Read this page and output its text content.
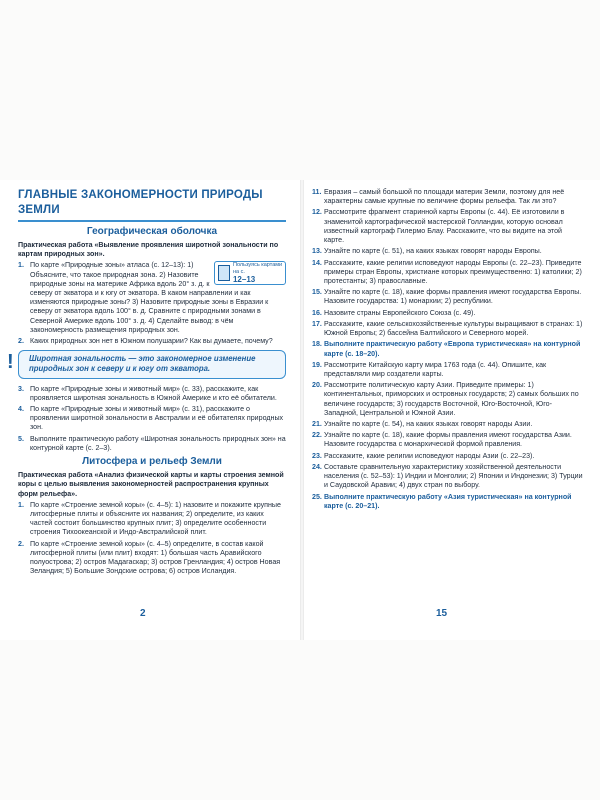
ГЛАВНЫЕ ЗАКОНОМЕРНОСТИ ПРИРОДЫ ЗЕМЛИ
Географическая оболочка

Практическая работа «Выявление проявления широтной зональности по картам природных зон».

1.	Пользуясь картами на с.
12–13
По карте «Природные зоны» атласа (с. 12–13): 1) Объясните, что такое природная зона. 2) Назовите природные зоны на материке Африка вдоль 20° з. д. к северу от экватора и к югу от экватора. В каком направлении и как изменяются природные зоны? 3) Назовите природные зоны в Евразии к северу от экватора вдоль 100° в. д. Сравните с природными зонами в Северной Америке вдоль 100° з. д. 4) Сделайте вывод: в чём закономерность размещения природных зон.
2. Каких природных зон нет в Южном полушарии? Как вы думаете, почему?
! Широтная зональность — это закономерное изменение природных зон к северу и к югу от экватора.
3. По карте «Природные зоны и животный мир» (с. 33), расскажите, как проявляется широтная зональность в Южной Америке и кто её обитатели.
4. По карте «Природные зоны и животный мир» (с. 31), расскажите о проявлении широтной зональности в Австралии и её обитателях природных зон.
5. Выполните практическую работу «Широтная зональность природных зон» на контурной карте (с. 2–3).
Литосфера и рельеф Земли

Практическая работа «Анализ физической карты и карты строения земной коры с целью выявления закономерностей распространения крупных форм рельефа».

1. По карте «Строение земной коры» (с. 4–5): 1) назовите и покажите крупные литосферные плиты и объясните их названия; 2) определите, из каких частей состоит большинство крупных плит; 3) определите особенности строения Тихоокеанской и Индо-Австралийской плит.
2. По карте «Строение земной коры» (с. 4–5) определите, в состав какой литосферной плиты (или плит) входят: 1) большая часть Аравийского полуострова; 2) остров Мадагаскар; 3) остров Гренландия; 4) остров Новая Зеландия; 5) Большие Зондские острова; 6) остров Исландия.
2
11. Евразия – самый большой по площади материк Земли, поэтому для неё характерны самые крупные по величине формы рельефа. Так ли это?
12. Рассмотрите фрагмент старинной карты Европы (с. 44). Её изготовили в знаменитой картографической мастерской Голландии, которую основал известный картограф Гилермо Блау. Расскажите, что вы видите на этой карте.
13. Узнайте по карте (с. 51), на каких языках говорят народы Европы.
14. Расскажите, какие религии исповедуют народы Европы (с. 22–23). Приведите примеры стран Европы, христиане которых преимущественно: 1) католики; 2) протестанты; 3) православные.
15. Узнайте по карте (с. 18), какие формы правления имеют государства Европы. Назовите государства: 1) монархии; 2) республики.
16. Назовите страны Европейского Союза (с. 49).
17. Расскажите, какие сельскохозяйственные культуры выращивают в странах: 1) Южной Европы; 2) бассейна Балтийского и Северного морей.
18. Выполните практическую работу «Европа туристическая» на контурной карте (с. 18–20).
19. Рассмотрите Китайскую карту мира 1763 года (с. 44). Опишите, как представляли мир создатели карты.
20. Рассмотрите политическую карту Азии. Приведите примеры: 1) континентальных, приморских и островных государств; 2) самых больших по величине государств; 3) государств Восточной, Юго-Восточной, Юго-Западной, Центральной и Южной Азии.
21. Узнайте по карте (с. 54), на каких языках говорят народы Азии.
22. Узнайте по карте (с. 18), какие формы правления имеют государства Азии. Назовите государства с монархической формой правления.
23. Расскажите, какие религии исповедуют народы Азии (с. 22–23).
24. Составьте сравнительную характеристику хозяйственной деятельности населения (с. 52–53): 1) Индии и Монголии; 2) Японии и Индонезии; 3) Турции и Саудовской Аравии; 4) двух стран по выбору.
25. Выполните практическую работу «Азия туристическая» на контурной карте (с. 20–21).
15
